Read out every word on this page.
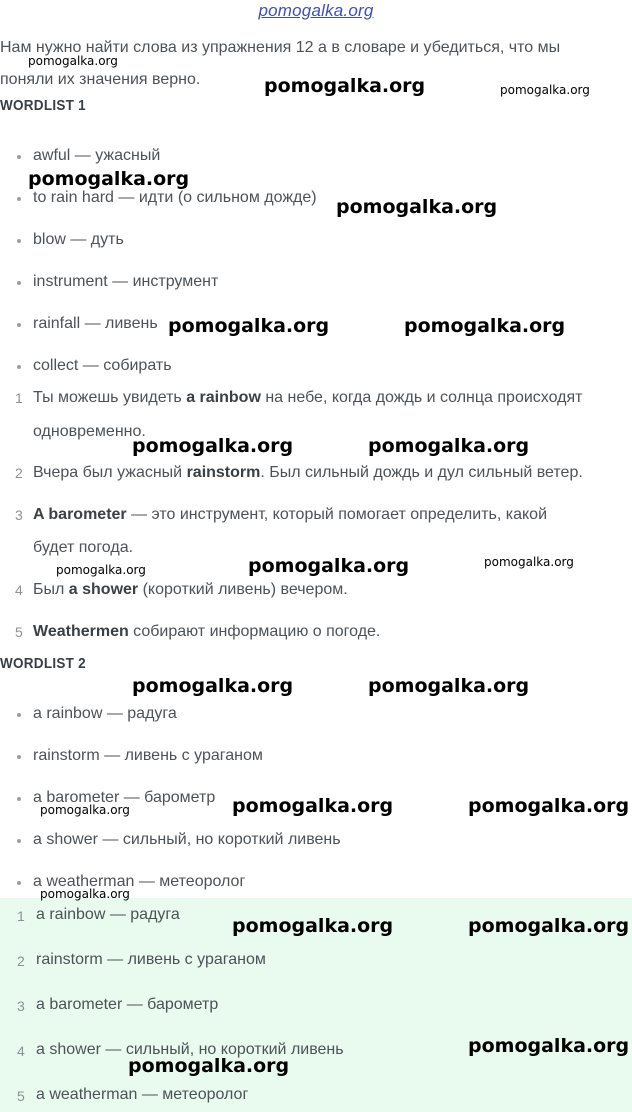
pomogalka.org
Нам нужно найти слова из упражнения 12 а в словаре и убедиться, что мы поняли их значения верно.
WORDLIST 1
awful — ужасный
to rain hard — идти (о сильном дожде)
blow — дуть
instrument — инструмент
rainfall — ливень
collect — собирать
1 Ты можешь увидеть a rainbow на небе, когда дождь и солнца происходят
одновременно.
2 Вчера был ужасный rainstorm. Был сильный дождь и дул сильный ветер.
3 A barometer — это инструмент, который помогает определить, какой
будет погода.
4 Был a shower (короткий ливень) вечером.
5 Weathermen собирают информацию о погоде.
WORDLIST 2
a rainbow — радуга
rainstorm — ливень с ураганом
a barometer — барометр
a shower — сильный, но короткий ливень
a weatherman — метеоролог
1 a rainbow — радуга
2 rainstorm — ливень с ураганом
3 a barometer — барометр
4 a shower — сильный, но короткий ливень
5 a weatherman — метеоролог
pomogalka.org
pomogalka.org	pomogalka.org
pomogalka.org
pomogalka.org
pomogalka.org	pomogalka.org
pomogalka.org	pomogalka.org
pomogalka.org	pomogalka.org	pomogalka.org
pomogalka.org	pomogalka.org
pomogalka.org	pomogalka.org	pomogalka.org
pomogalka.org
pomogalka.org	pomogalka.org
pomogalka.org
pomogalka.org
